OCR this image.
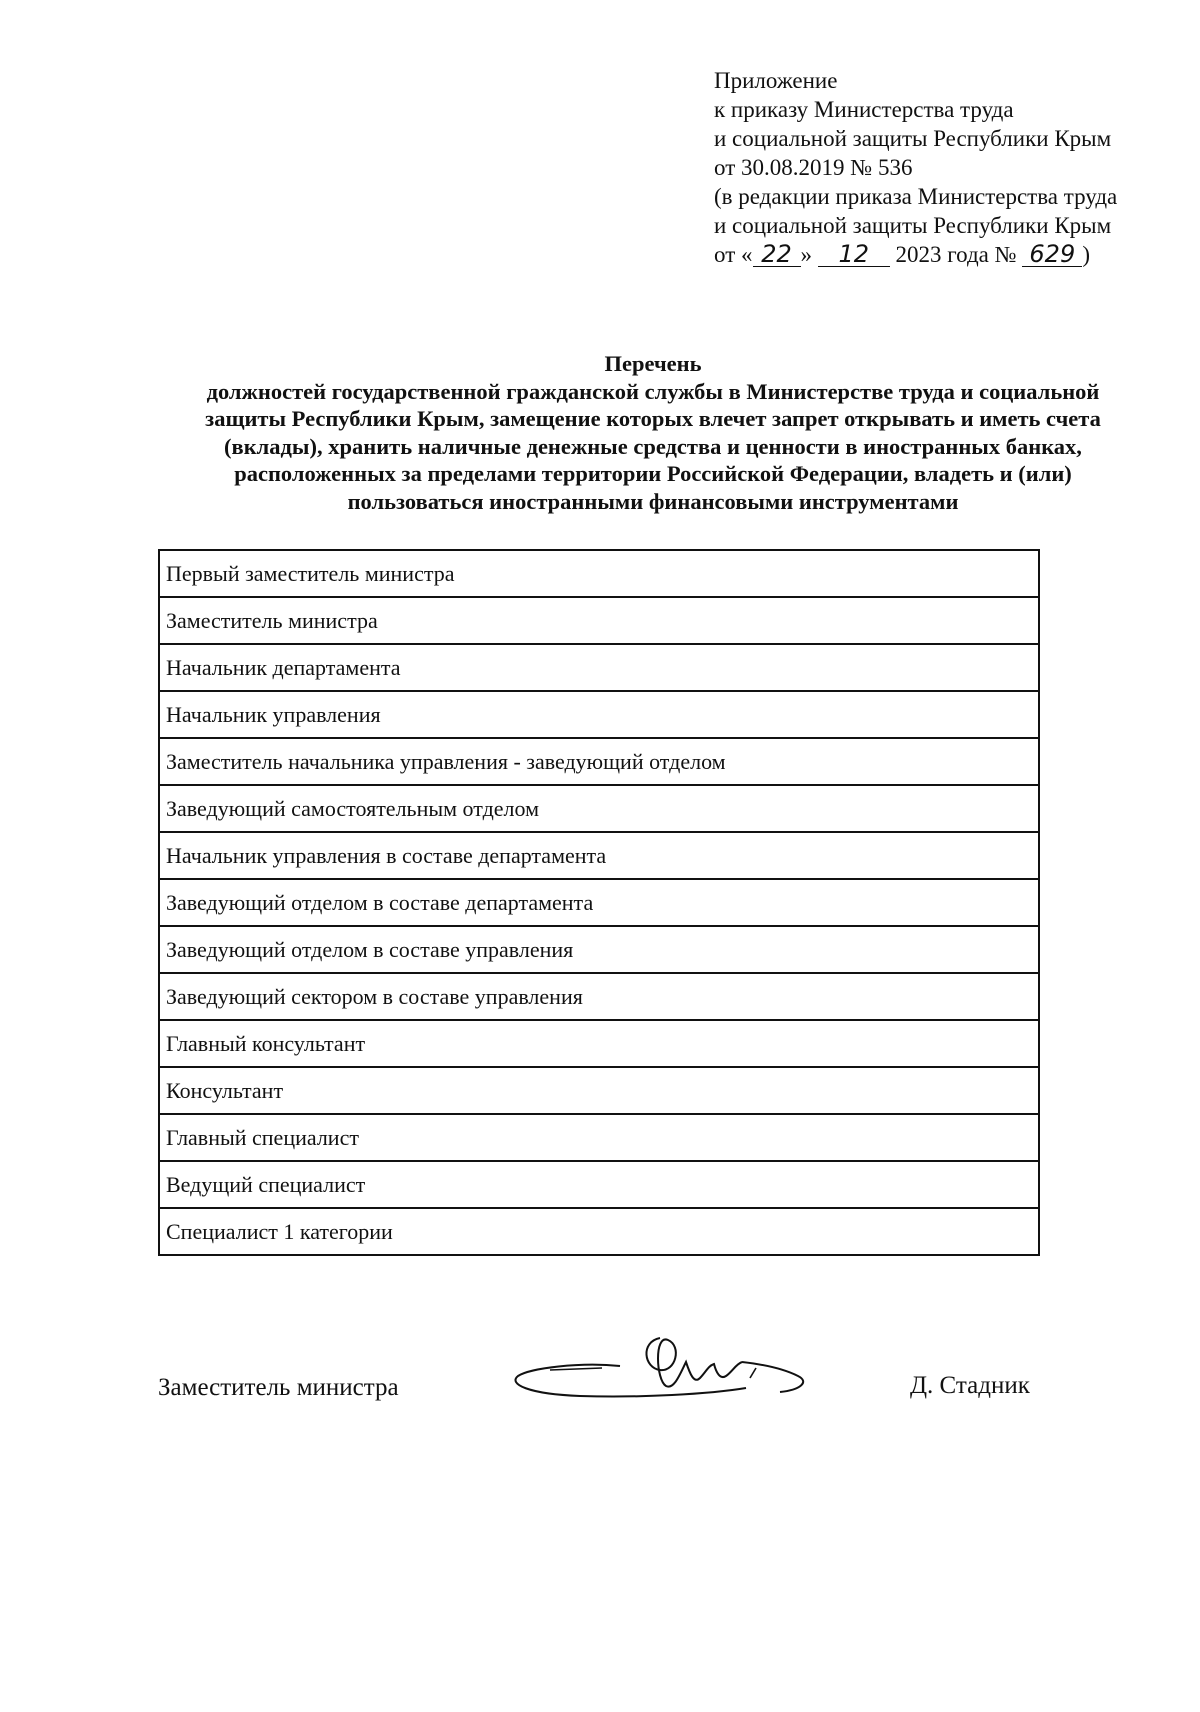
Приложение
к приказу Министерства труда
и социальной защиты Республики Крым
от 30.08.2019 № 536
(в редакции приказа Министерства труда
и социальной защиты Республики Крым
от « 22 » 12 2023 года № 629 )
Перечень
должностей государственной гражданской службы в Министерстве труда и социальной
защиты Республики Крым, замещение которых влечет запрет открывать и иметь счета
(вклады), хранить наличные денежные средства и ценности в иностранных банках,
расположенных за пределами территории Российской Федерации, владеть и (или)
пользоваться иностранными финансовыми инструментами
Первый заместитель министра
Заместитель министра
Начальник департамента
Начальник управления
Заместитель начальника управления - заведующий отделом
Заведующий самостоятельным отделом
Начальник управления в составе департамента
Заведующий отделом в составе департамента
Заведующий отделом в составе управления
Заведующий сектором в составе управления
Главный консультант
Консультант
Главный специалист
Ведущий специалист
Специалист 1 категории
Заместитель министра	Д. Стадник
